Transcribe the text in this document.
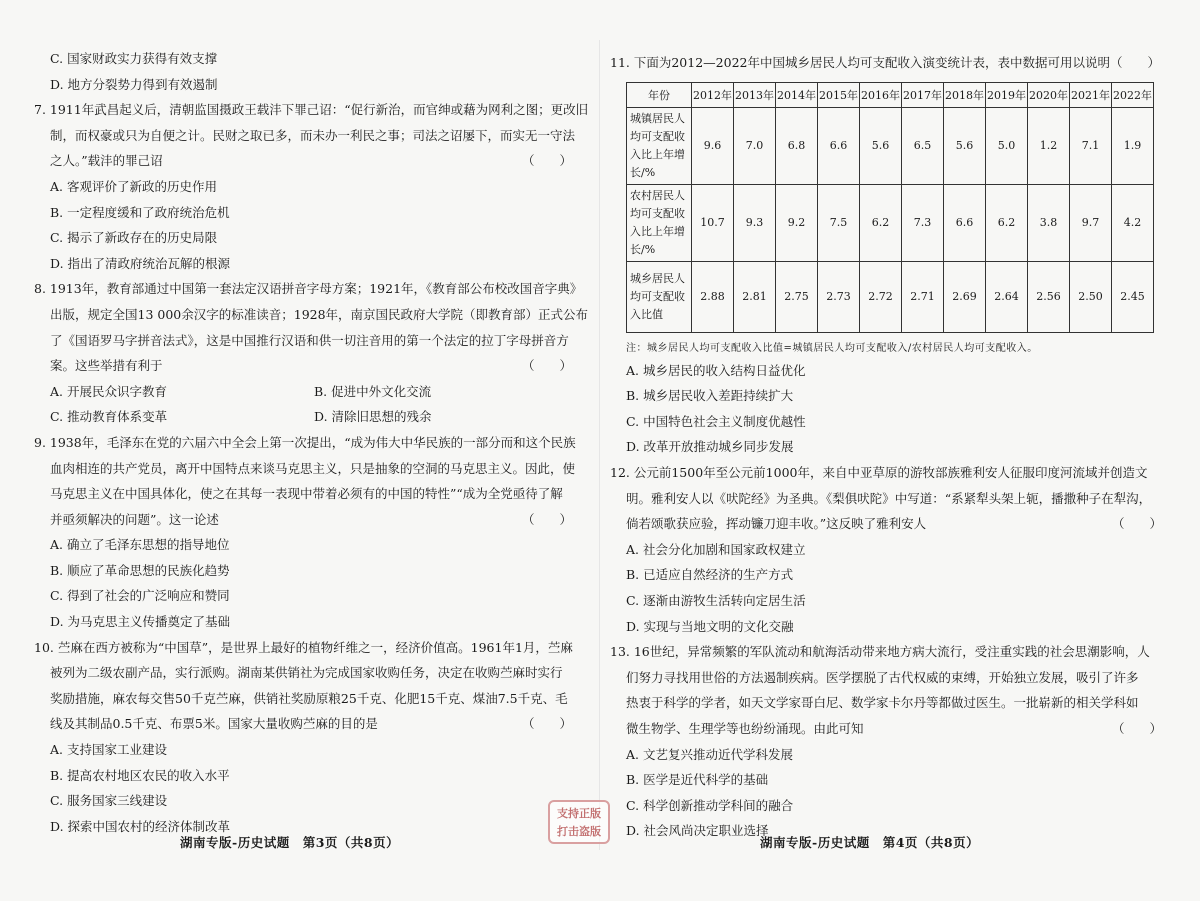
C. 国家财政实力获得有效支撑
D. 地方分裂势力得到有效遏制
7. 1911年武昌起义后，清朝监国摄政王载沣下罪己诏：“促行新治，而官绅或藉为网利之图；更改旧
制，而权豪或只为自便之计。民财之取已多，而未办一利民之事；司法之诏屡下，而实无一守法
之人。”载沣的罪己诏	（　　）
A. 客观评价了新政的历史作用
B. 一定程度缓和了政府统治危机
C. 揭示了新政存在的历史局限
D. 指出了清政府统治瓦解的根源
8. 1913年，教育部通过中国第一套法定汉语拼音字母方案；1921年，《教育部公布校改国音字典》
出版，规定全国13 000余汉字的标准读音；1928年，南京国民政府大学院（即教育部）正式公布
了《国语罗马字拼音法式》，这是中国推行汉语和供一切注音用的第一个法定的拉丁字母拼音方
案。这些举措有利于	（　　）
A. 开展民众识字教育	B. 促进中外文化交流
C. 推动教育体系变革	D. 清除旧思想的残余
9. 1938年，毛泽东在党的六届六中全会上第一次提出，“成为伟大中华民族的一部分而和这个民族
血肉相连的共产党员，离开中国特点来谈马克思主义，只是抽象的空洞的马克思主义。因此，使
马克思主义在中国具体化，使之在其每一表现中带着必须有的中国的特性”“成为全党亟待了解
并亟须解决的问题”。这一论述	（　　）
A. 确立了毛泽东思想的指导地位
B. 顺应了革命思想的民族化趋势
C. 得到了社会的广泛响应和赞同
D. 为马克思主义传播奠定了基础
10. 苎麻在西方被称为“中国草”，是世界上最好的植物纤维之一，经济价值高。1961年1月，苎麻
被列为二级农副产品，实行派购。湖南某供销社为完成国家收购任务，决定在收购苎麻时实行
奖励措施，麻农每交售50千克苎麻，供销社奖励原粮25千克、化肥15千克、煤油7.5千克、毛
线及其制品0.5千克、布票5米。国家大量收购苎麻的目的是	（　　）
A. 支持国家工业建设
B. 提高农村地区农民的收入水平
C. 服务国家三线建设
D. 探索中国农村的经济体制改革
湖南专版-历史试题　第3页（共8页）
11. 下面为2012—2022年中国城乡居民人均可支配收入演变统计表，表中数据可用以说明（　　）
年份	2012年	2013年	2014年	2015年	2016年	2017年	2018年	2019年	2020年	2021年	2022年
城镇居民人均可支配收入比上年增长/%	9.6	7.0	6.8	6.6	5.6	6.5	5.6	5.0	1.2	7.1	1.9
农村居民人均可支配收入比上年增长/%	10.7	9.3	9.2	7.5	6.2	7.3	6.6	6.2	3.8	9.7	4.2
城乡居民人均可支配收入比值	2.88	2.81	2.75	2.73	2.72	2.71	2.69	2.64	2.56	2.50	2.45
注：城乡居民人均可支配收入比值=城镇居民人均可支配收入/农村居民人均可支配收入。
A. 城乡居民的收入结构日益优化
B. 城乡居民收入差距持续扩大
C. 中国特色社会主义制度优越性
D. 改革开放推动城乡同步发展
12. 公元前1500年至公元前1000年，来自中亚草原的游牧部族雅利安人征服印度河流域并创造文
明。雅利安人以《吠陀经》为圣典。《梨俱吠陀》中写道：“系紧犁头架上轭，播撒种子在犁沟，
倘若颂歌获应验，挥动镰刀迎丰收。”这反映了雅利安人	（　　）
A. 社会分化加剧和国家政权建立
B. 已适应自然经济的生产方式
C. 逐渐由游牧生活转向定居生活
D. 实现与当地文明的文化交融
13. 16世纪，异常频繁的军队流动和航海活动带来地方病大流行，受注重实践的社会思潮影响，人
们努力寻找用世俗的方法遏制疾病。医学摆脱了古代权威的束缚，开始独立发展，吸引了许多
热衷于科学的学者，如天文学家哥白尼、数学家卡尔丹等都做过医生。一批崭新的相关学科如
微生物学、生理学等也纷纷涌现。由此可知	（　　）
A. 文艺复兴推动近代学科发展
B. 医学是近代科学的基础
C. 科学创新推动学科间的融合
D. 社会风尚决定职业选择
湖南专版-历史试题　第4页（共8页）
支持正版
打击盗版
